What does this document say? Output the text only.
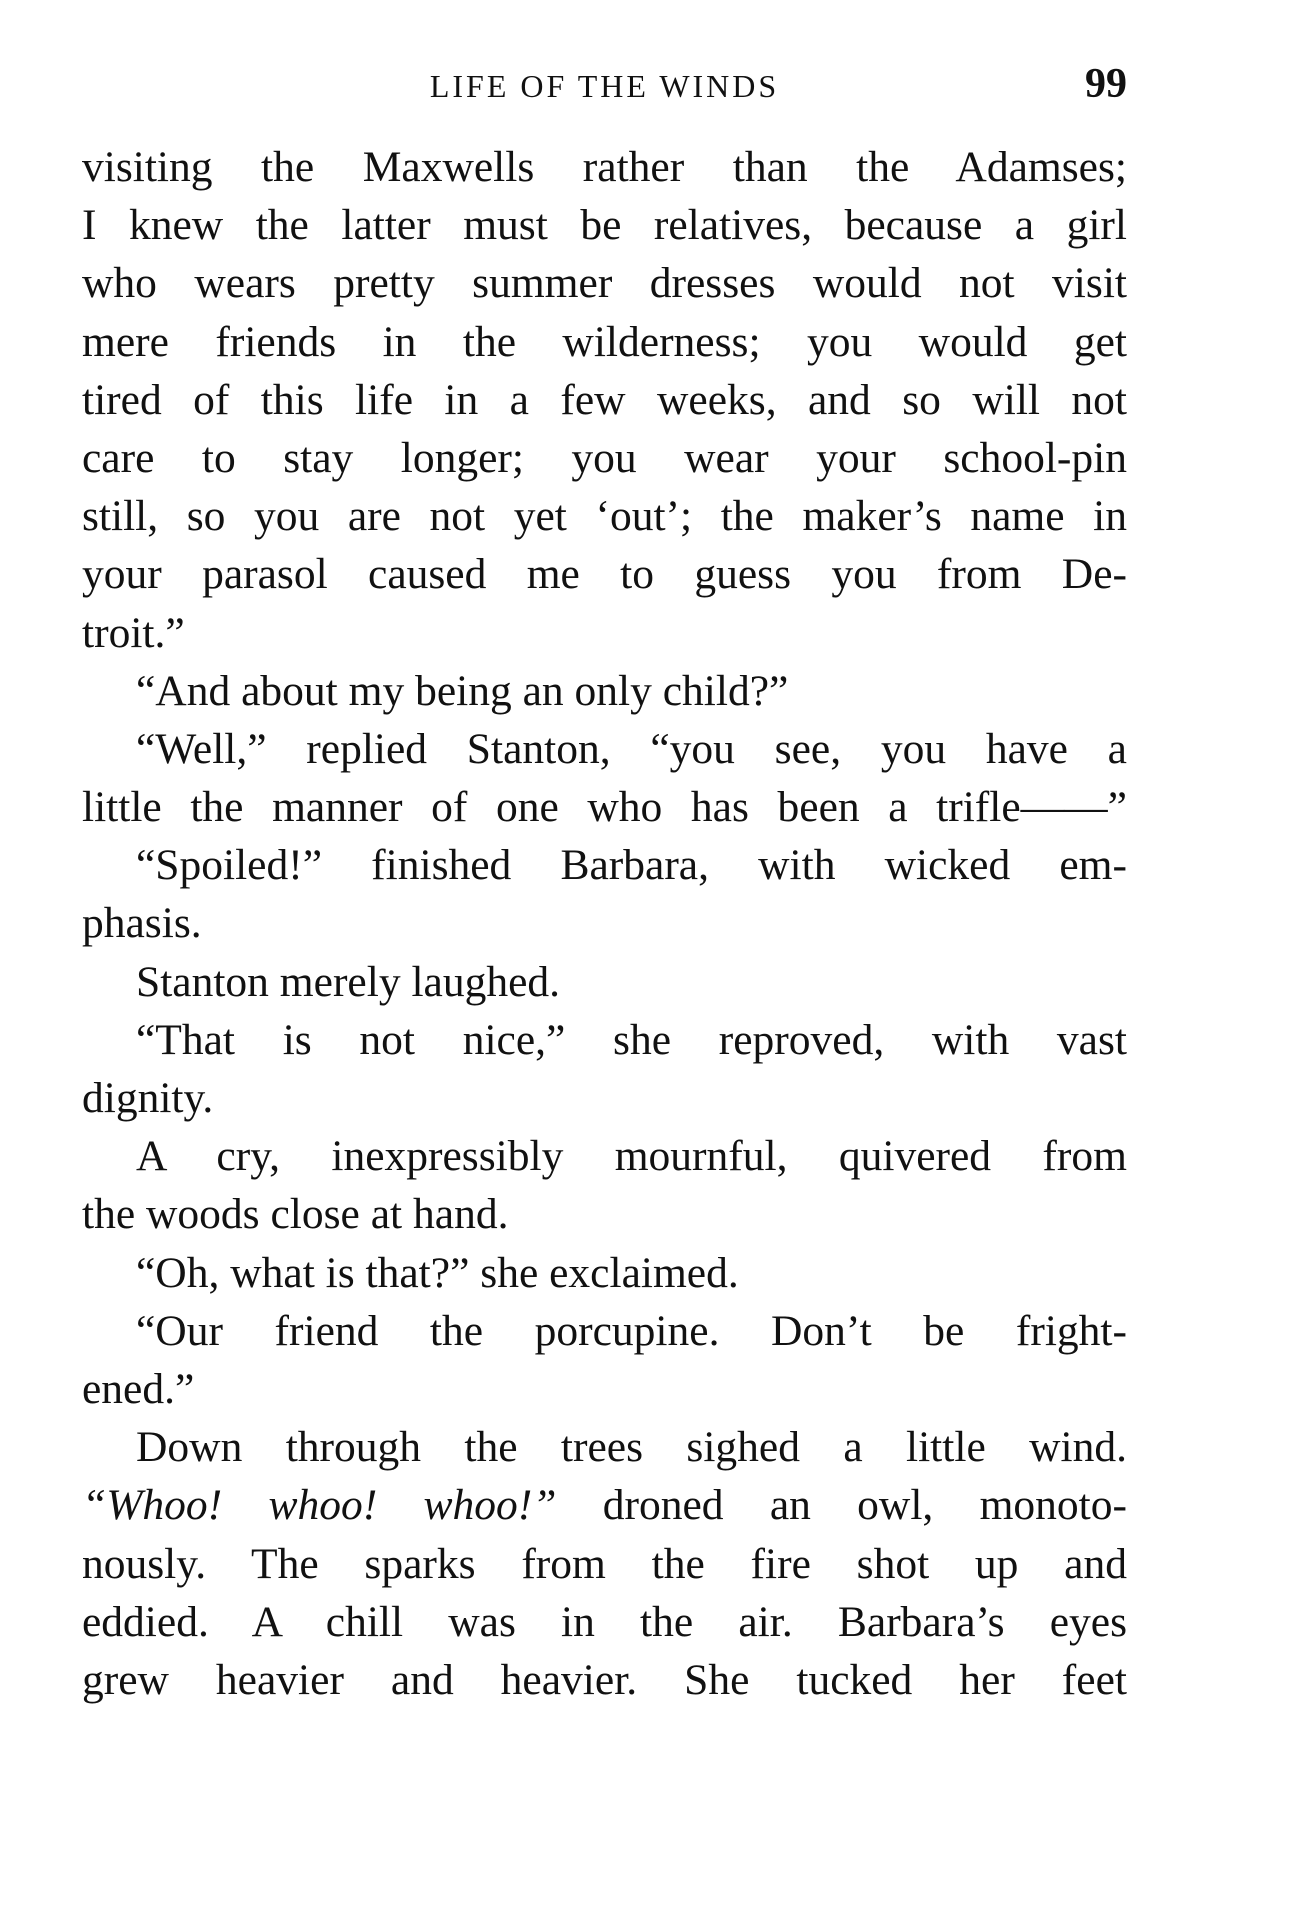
LIFE OF THE WINDS	99
visiting the Maxwells rather than the Adamses;
I knew the latter must be relatives, because a girl
who wears pretty summer dresses would not visit
mere friends in the wilderness; you would get
tired of this life in a few weeks, and so will not
care to stay longer; you wear your school-pin
still, so you are not yet ‘out’; the maker’s name in
your parasol caused me to guess you from De-
troit.”
“And about my being an only child?”
“Well,” replied Stanton, “you see, you have a
little the manner of one who has been a trifle——”
“Spoiled!” finished Barbara, with wicked em-
phasis.
Stanton merely laughed.
“That is not nice,” she reproved, with vast
dignity.
A cry, inexpressibly mournful, quivered from
the woods close at hand.
“Oh, what is that?” she exclaimed.
“Our friend the porcupine. Don’t be fright-
ened.”
Down through the trees sighed a little wind.
“Whoo! whoo! whoo!” droned an owl, monoto-
nously. The sparks from the fire shot up and
eddied. A chill was in the air. Barbara’s eyes
grew heavier and heavier. She tucked her feet
